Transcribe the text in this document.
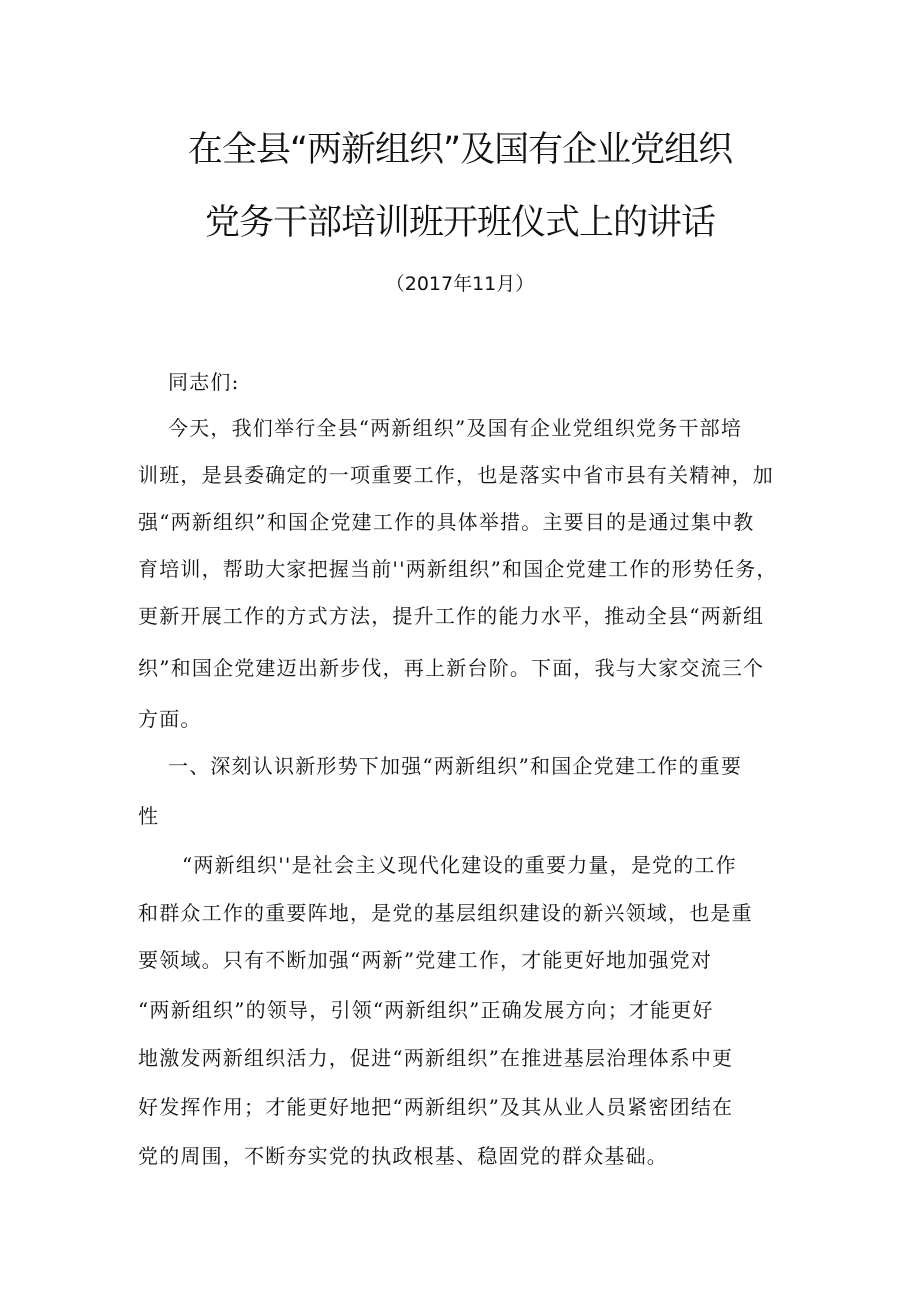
在全县“两新组织”及国有企业党组织
党务干部培训班开班仪式上的讲话
（2017年11月）
同志们:
今天，我们举行全县“两新组织”及国有企业党组织党务干部培
训班，是县委确定的一项重要工作，也是落实中省市县有关精神，加
强“两新组织”和国企党建工作的具体举措。主要目的是通过集中教
育培训，帮助大家把握当前''两新组织”和国企党建工作的形势任务，
更新开展工作的方式方法，提升工作的能力水平，推动全县“两新组
织”和国企党建迈出新步伐，再上新台阶。下面，我与大家交流三个
方面。
一、深刻认识新形势下加强“两新组织”和国企党建工作的重要
性
“两新组织''是社会主义现代化建设的重要力量，是党的工作
和群众工作的重要阵地，是党的基层组织建设的新兴领域，也是重
要领域。只有不断加强“两新”党建工作，才能更好地加强党对
“两新组织”的领导，引领“两新组织”正确发展方向；才能更好
地激发两新组织活力，促进“两新组织”在推进基层治理体系中更
好发挥作用；才能更好地把“两新组织”及其从业人员紧密团结在
党的周围，不断夯实党的执政根基、稳固党的群众基础。
